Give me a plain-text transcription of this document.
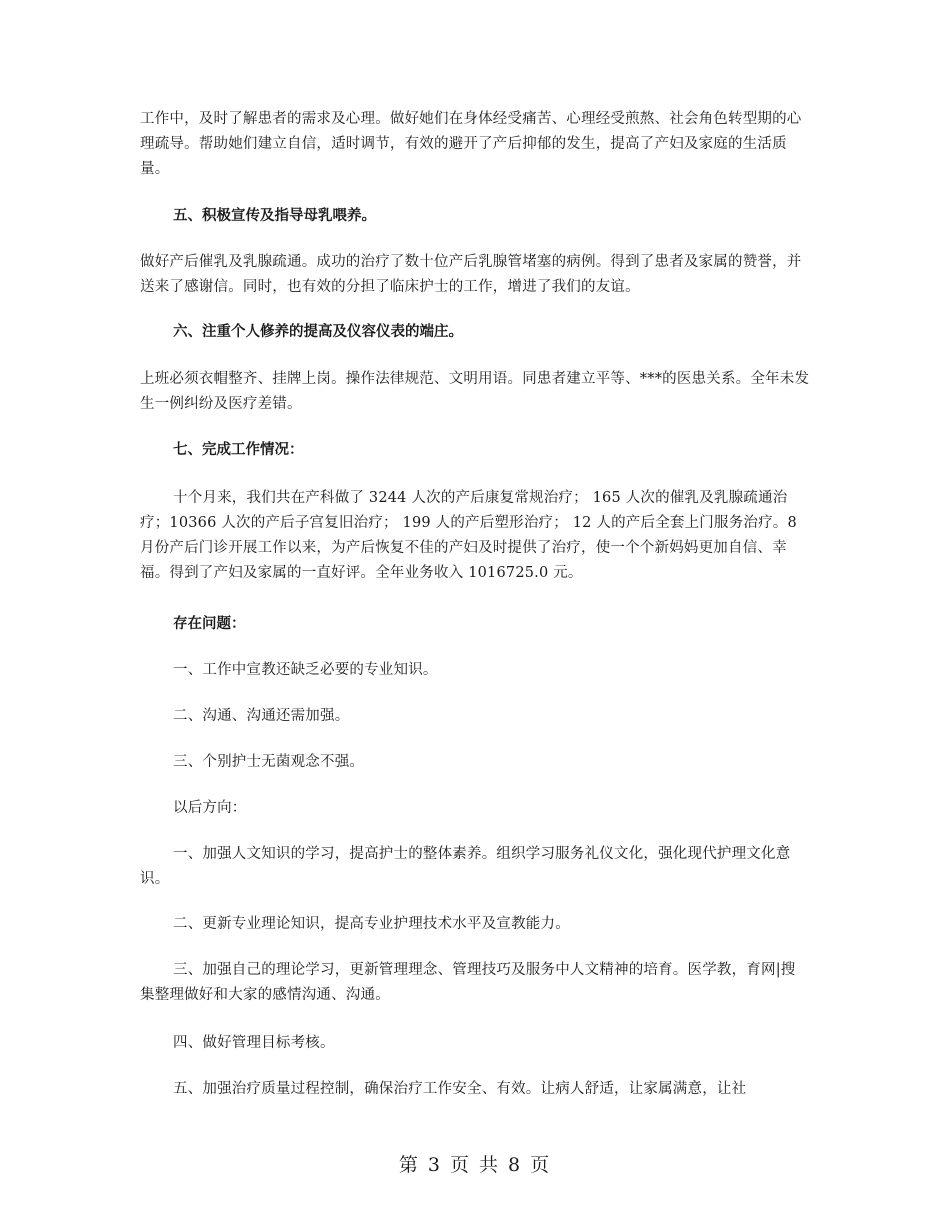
工作中，及时了解患者的需求及心理。做好她们在身体经受痛苦、心理经受煎熬、社会角色转型期的心理疏导。帮助她们建立自信，适时调节，有效的避开了产后抑郁的发生，提高了产妇及家庭的生活质量。

五、积极宣传及指导母乳喂养。

做好产后催乳及乳腺疏通。成功的治疗了数十位产后乳腺管堵塞的病例。得到了患者及家属的赞誉，并送来了感谢信。同时，也有效的分担了临床护士的工作，增进了我们的友谊。

六、注重个人修养的提高及仪容仪表的端庄。

上班必须衣帽整齐、挂牌上岗。操作法律规范、文明用语。同患者建立平等、***的医患关系。全年未发生一例纠纷及医疗差错。

七、完成工作情况：

十个月来，我们共在产科做了 3244 人次的产后康复常规治疗； 165 人次的催乳及乳腺疏通治疗；10366 人次的产后子宫复旧治疗； 199 人的产后塑形治疗； 12 人的产后全套上门服务治疗。8 月份产后门诊开展工作以来，为产后恢复不佳的产妇及时提供了治疗，使一个个新妈妈更加自信、幸福。得到了产妇及家属的一直好评。全年业务收入 1016725.0 元。

存在问题：

一、工作中宣教还缺乏必要的专业知识。

二、沟通、沟通还需加强。

三、个别护士无菌观念不强。

以后方向：

一、加强人文知识的学习，提高护士的整体素养。组织学习服务礼仪文化，强化现代护理文化意识。

二、更新专业理论知识，提高专业护理技术水平及宣教能力。

三、加强自己的理论学习，更新管理理念、管理技巧及服务中人文精神的培育。医学教，育网|搜集整理做好和大家的感情沟通、沟通。

四、做好管理目标考核。

五、加强治疗质量过程控制，确保治疗工作安全、有效。让病人舒适，让家属满意，让社

第 3 页 共 8 页
